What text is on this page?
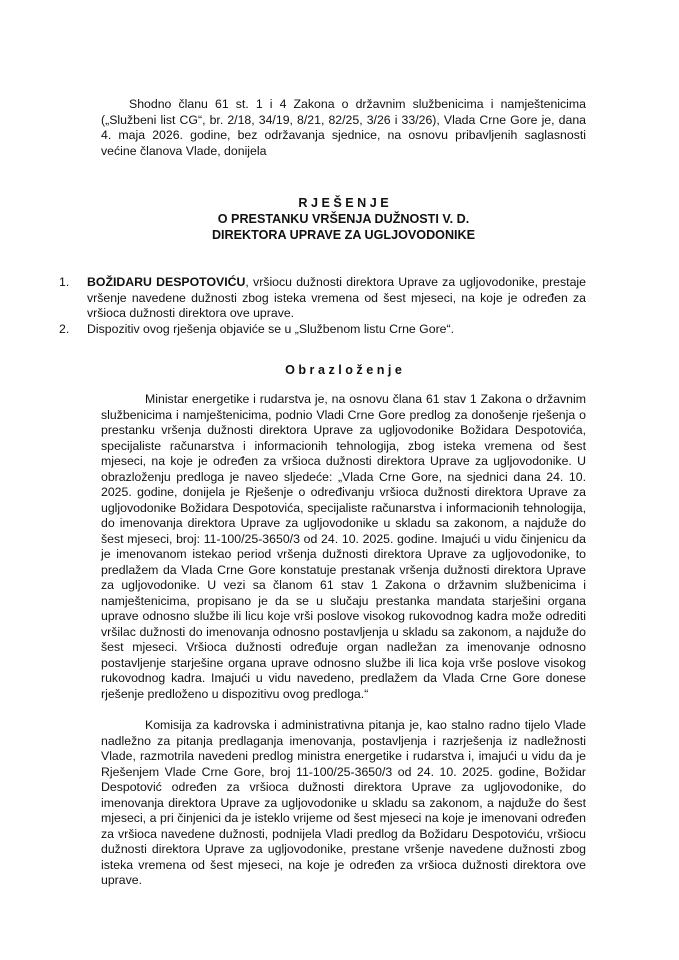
Shodno članu 61 st. 1 i 4 Zakona o državnim službenicima i namještenicima („Službeni list CG“, br. 2/18, 34/19, 8/21, 82/25, 3/26 i 33/26), Vlada Crne Gore je, dana 4. maja 2026. godine, bez održavanja sjednice, na osnovu pribavljenih saglasnosti većine članova Vlade, donijela
R J E Š E N J E
O PRESTANKU VRŠENJA DUŽNOSTI V. D.
DIREKTORA UPRAVE ZA UGLJOVODONIKE
1. BOŽIDARU DESPOTOVIĆU, vršiocu dužnosti direktora Uprave za ugljovodonike, prestaje vršenje navedene dužnosti zbog isteka vremena od šest mjeseci, na koje je određen za vršioca dužnosti direktora ove uprave.
2. Dispozitiv ovog rješenja objaviće se u „Službenom listu Crne Gore“.
O b r a z l o ž e n j e
Ministar energetike i rudarstva je, na osnovu člana 61 stav 1 Zakona o državnim službenicima i namještenicima, podnio Vladi Crne Gore predlog za donošenje rješenja o prestanku vršenja dužnosti direktora Uprave za ugljovodonike Božidara Despotovića, specijaliste računarstva i informacionih tehnologija, zbog isteka vremena od šest mjeseci, na koje je određen za vršioca dužnosti direktora Uprave za ugljovodonike. U obrazloženju predloga je naveo sljedeće: „Vlada Crne Gore, na sjednici dana 24. 10. 2025. godine, donijela je Rješenje o određivanju vršioca dužnosti direktora Uprave za ugljovodonike Božidara Despotovića, specijaliste računarstva i informacionih tehnologija, do imenovanja direktora Uprave za ugljovodonike u skladu sa zakonom, a najduže do šest mjeseci, broj: 11-100/25-3650/3 od 24. 10. 2025. godine. Imajući u vidu činjenicu da je imenovanom istekao period vršenja dužnosti direktora Uprave za ugljovodonike, to predlažem da Vlada Crne Gore konstatuje prestanak vršenja dužnosti direktora Uprave za ugljovodonike. U vezi sa članom 61 stav 1 Zakona o državnim službenicima i namještenicima, propisano je da se u slučaju prestanka mandata starješini organa uprave odnosno službe ili licu koje vrši poslove visokog rukovodnog kadra može odrediti vršilac dužnosti do imenovanja odnosno postavljenja u skladu sa zakonom, a najduže do šest mjeseci. Vršioca dužnosti određuje organ nadležan za imenovanje odnosno postavljenje starješine organa uprave odnosno službe ili lica koja vrše poslove visokog rukovodnog kadra. Imajući u vidu navedeno, predlažem da Vlada Crne Gore donese rješenje predloženo u dispozitivu ovog predloga.“
Komisija za kadrovska i administrativna pitanja je, kao stalno radno tijelo Vlade nadležno za pitanja predlaganja imenovanja, postavljenja i razrješenja iz nadležnosti Vlade, razmotrila navedeni predlog ministra energetike i rudarstva i, imajući u vidu da je Rješenjem Vlade Crne Gore, broj 11-100/25-3650/3 od 24. 10. 2025. godine, Božidar Despotović određen za vršioca dužnosti direktora Uprave za ugljovodonike, do imenovanja direktora Uprave za ugljovodonike u skladu sa zakonom, a najduže do šest mjeseci, a pri činjenici da je isteklo vrijeme od šest mjeseci na koje je imenovani određen za vršioca navedene dužnosti, podnijela Vladi predlog da Božidaru Despotoviću, vršiocu dužnosti direktora Uprave za ugljovodonike, prestane vršenje navedene dužnosti zbog isteka vremena od šest mjeseci, na koje je određen za vršioca dužnosti direktora ove uprave.
